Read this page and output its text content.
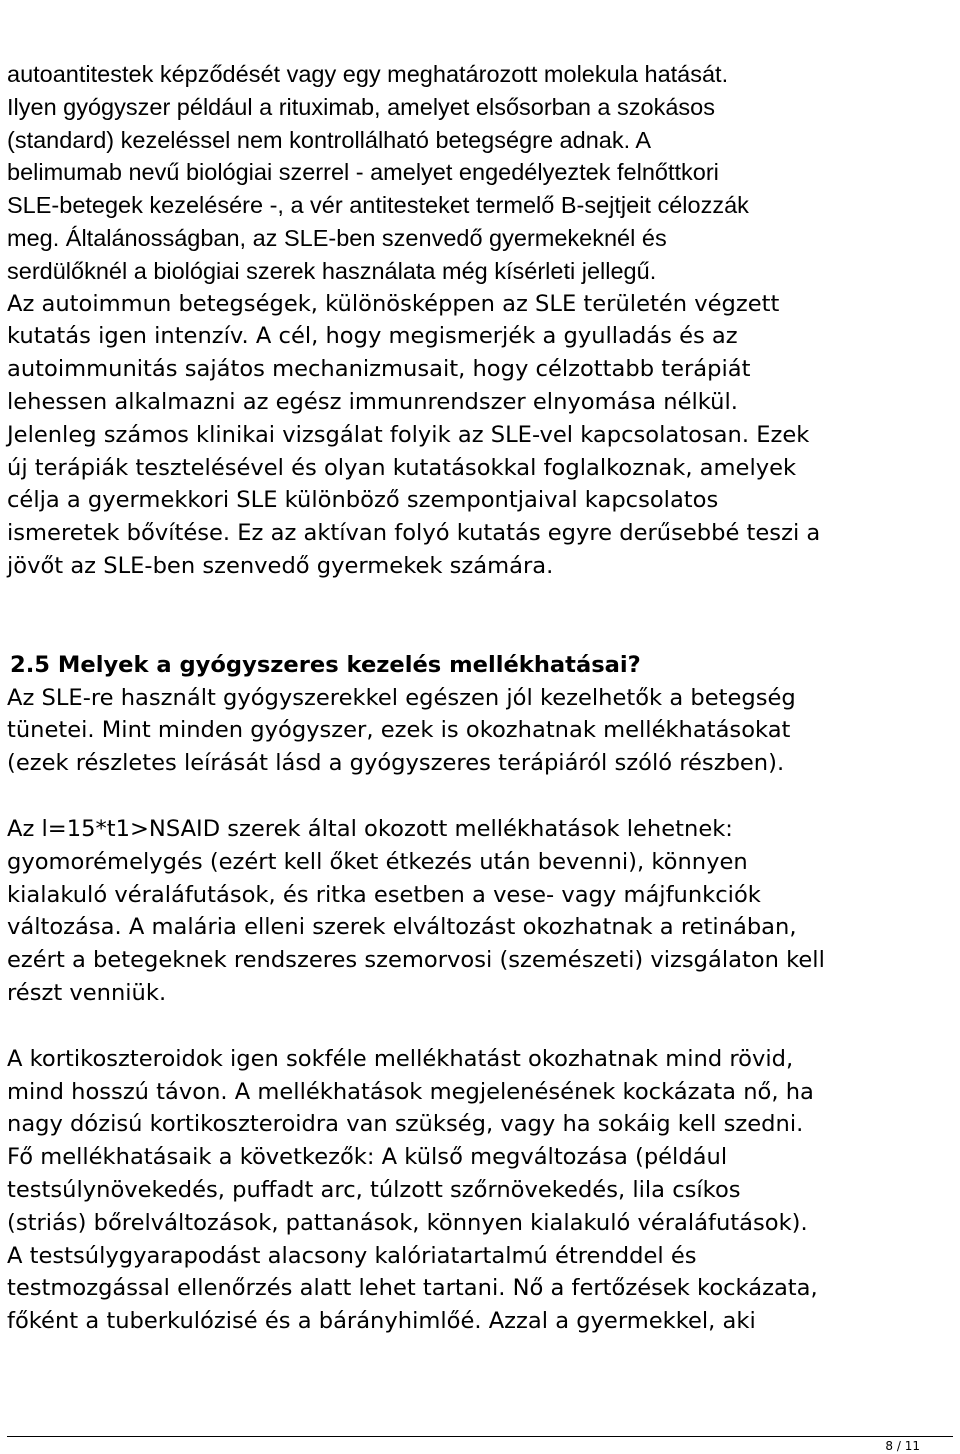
autoantitestek képződését vagy egy meghatározott molekula hatását.
Ilyen gyógyszer például a rituximab, amelyet elsősorban a szokásos
(standard) kezeléssel nem kontrollálható betegségre adnak. A
belimumab nevű biológiai szerrel - amelyet engedélyeztek felnőttkori
SLE-betegek kezelésére -, a vér antitesteket termelő B-sejtjeit célozzák
meg. Általánosságban, az SLE-ben szenvedő gyermekeknél és
serdülőknél a biológiai szerek használata még kísérleti jellegű.
Az autoimmun betegségek, különösképpen az SLE területén végzett
kutatás igen intenzív. A cél, hogy megismerjék a gyulladás és az
autoimmunitás sajátos mechanizmusait, hogy célzottabb terápiát
lehessen alkalmazni az egész immunrendszer elnyomása nélkül.
Jelenleg számos klinikai vizsgálat folyik az SLE-vel kapcsolatosan. Ezek
új terápiák tesztelésével és olyan kutatásokkal foglalkoznak, amelyek
célja a gyermekkori SLE különböző szempontjaival kapcsolatos
ismeretek bővítése. Ez az aktívan folyó kutatás egyre derűsebbé teszi a
jövőt az SLE-ben szenvedő gyermekek számára.
2.5 Melyek a gyógyszeres kezelés mellékhatásai?
Az SLE-re használt gyógyszerekkel egészen jól kezelhetők a betegség
tünetei. Mint minden gyógyszer, ezek is okozhatnak mellékhatásokat
(ezek részletes leírását lásd a gyógyszeres terápiáról szóló részben).
Az l=15*t1>NSAID szerek által okozott mellékhatások lehetnek:
gyomorémelygés (ezért kell őket étkezés után bevenni), könnyen
kialakuló véraláfutások, és ritka esetben a vese- vagy májfunkciók
változása. A malária elleni szerek elváltozást okozhatnak a retinában,
ezért a betegeknek rendszeres szemorvosi (szemészeti) vizsgálaton kell
részt venniük.
A kortikoszteroidok igen sokféle mellékhatást okozhatnak mind rövid,
mind hosszú távon. A mellékhatások megjelenésének kockázata nő, ha
nagy dózisú kortikoszteroidra van szükség, vagy ha sokáig kell szedni.
Fő mellékhatásaik a következők: A külső megváltozása (például
testsúlynövekedés, puffadt arc, túlzott szőrnövekedés, lila csíkos
(striás) bőrelváltozások, pattanások, könnyen kialakuló véraláfutások).
A testsúlygyarapodást alacsony kalóriatartalmú étrenddel és
testmozgással ellenőrzés alatt lehet tartani. Nő a fertőzések kockázata,
főként a tuberkulózisé és a bárányhimlőé. Azzal a gyermekkel, aki
8 / 11
